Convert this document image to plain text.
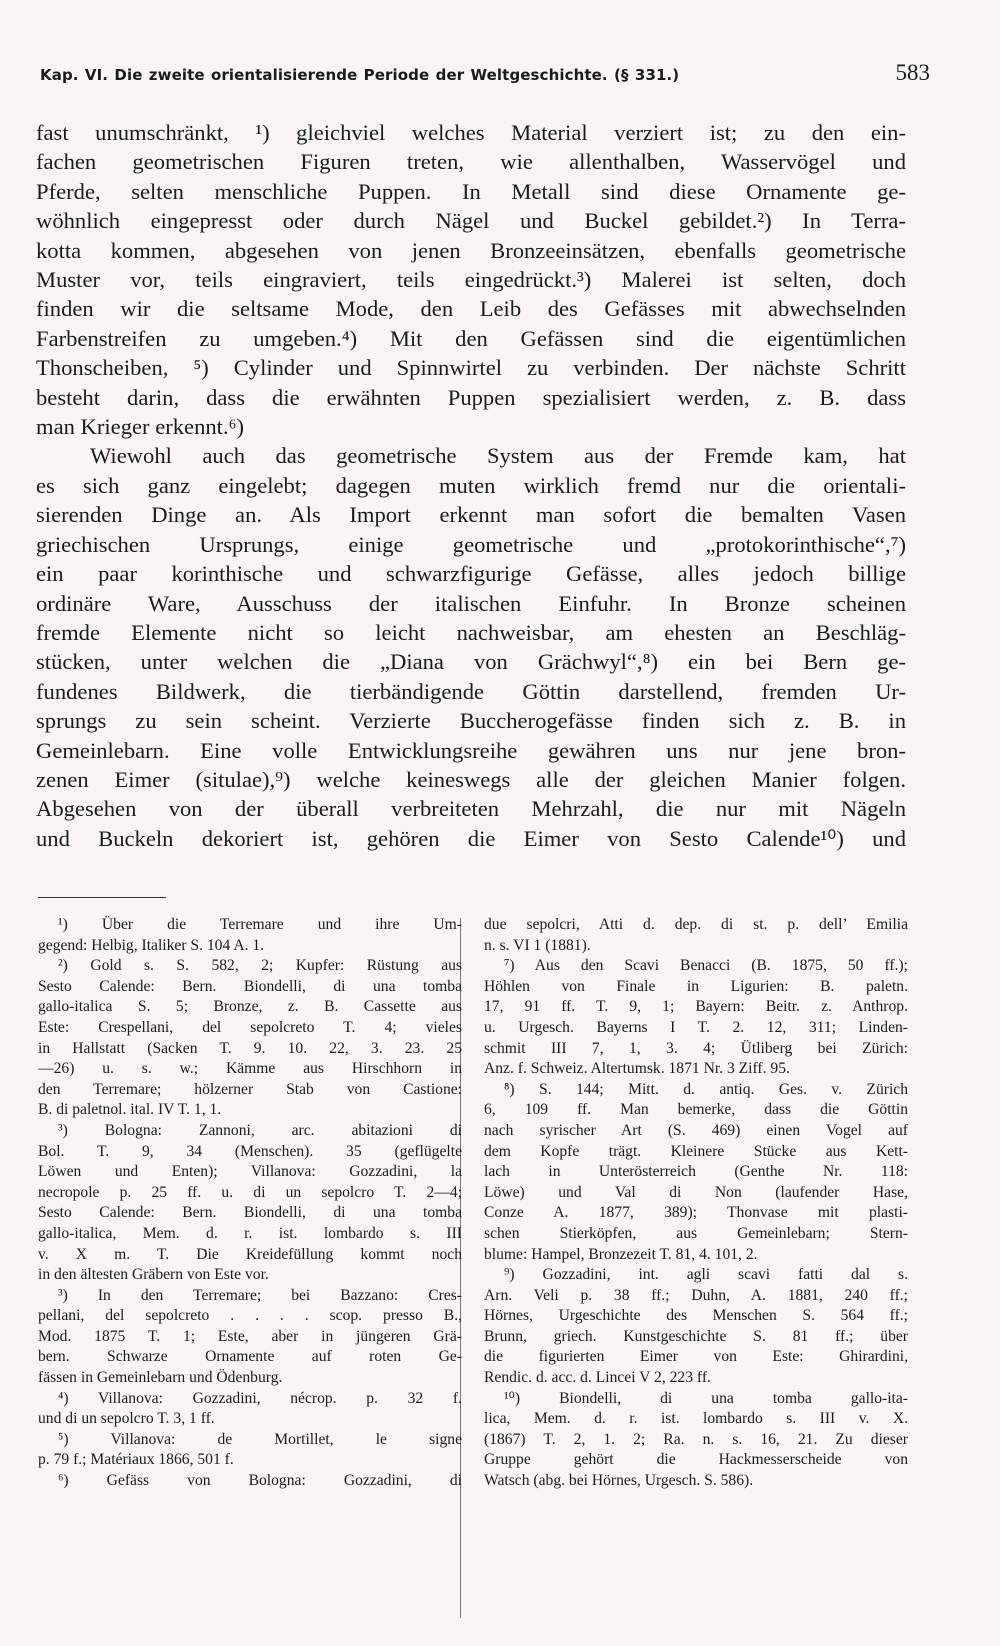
Kap. VI. Die zweite orientalisierende Periode der Weltgeschichte. (§ 331.)	583

fast unumschränkt, ¹) gleichviel welches Material verziert ist; zu den ein-
fachen geometrischen Figuren treten, wie allenthalben, Wasservögel und
Pferde, selten menschliche Puppen. In Metall sind diese Ornamente ge-
wöhnlich eingepresst oder durch Nägel und Buckel gebildet.²) In Terra-
kotta kommen, abgesehen von jenen Bronzeeinsätzen, ebenfalls geometrische
Muster vor, teils eingraviert, teils eingedrückt.³) Malerei ist selten, doch
finden wir die seltsame Mode, den Leib des Gefässes mit abwechselnden
Farbenstreifen zu umgeben.⁴) Mit den Gefässen sind die eigentümlichen
Thonscheiben, ⁵) Cylinder und Spinnwirtel zu verbinden. Der nächste Schritt
besteht darin, dass die erwähnten Puppen spezialisiert werden, z. B. dass
man Krieger erkennt.⁶)

Wiewohl auch das geometrische System aus der Fremde kam, hat
es sich ganz eingelebt; dagegen muten wirklich fremd nur die orientali-
sierenden Dinge an. Als Import erkennt man sofort die bemalten Vasen
griechischen Ursprungs, einige geometrische und „protokorinthische“,⁷)
ein paar korinthische und schwarzfigurige Gefässe, alles jedoch billige
ordinäre Ware, Ausschuss der italischen Einfuhr. In Bronze scheinen
fremde Elemente nicht so leicht nachweisbar, am ehesten an Beschläg-
stücken, unter welchen die „Diana von Grächwyl“,⁸) ein bei Bern ge-
fundenes Bildwerk, die tierbändigende Göttin darstellend, fremden Ur-
sprungs zu sein scheint. Verzierte Buccherogefässe finden sich z. B. in
Gemeinlebarn. Eine volle Entwicklungsreihe gewähren uns nur jene bron-
zenen Eimer (situlae),⁹) welche keineswegs alle der gleichen Manier folgen.
Abgesehen von der überall verbreiteten Mehrzahl, die nur mit Nägeln
und Buckeln dekoriert ist, gehören die Eimer von Sesto Calende¹⁰) und

¹) Über die Terremare und ihre Um-
gegend: Helbig, Italiker S. 104 A. 1.
²) Gold s. S. 582, 2; Kupfer: Rüstung aus
Sesto Calende: Bern. Biondelli, di una tomba
gallo-italica S. 5; Bronze, z. B. Cassette aus
Este: Crespellani, del sepolcreto T. 4; vieles
in Hallstatt (Sacken T. 9. 10. 22, 3. 23. 25
—26) u. s. w.; Kämme aus Hirschhorn in
den Terremare; hölzerner Stab von Castione:
B. di paletnol. ital. IV T. 1, 1.
³) Bologna: Zannoni, arc. abitazioni di
Bol. T. 9, 34 (Menschen). 35 (geflügelte
Löwen und Enten); Villanova: Gozzadini, la
necropole p. 25 ff. u. di un sepolcro T. 2—4;
Sesto Calende: Bern. Biondelli, di una tomba
gallo-italica, Mem. d. r. ist. lombardo s. III
v. X m. T. Die Kreidefüllung kommt noch
in den ältesten Gräbern von Este vor.
³) In den Terremare; bei Bazzano: Cres-
pellani, del sepolcreto . . . . scop. presso B.,
Mod. 1875 T. 1; Este, aber in jüngeren Grä-
bern. Schwarze Ornamente auf roten Ge-
fässen in Gemeinlebarn und Ödenburg.
⁴) Villanova: Gozzadini, nécrop. p. 32 f.
und di un sepolcro T. 3, 1 ff.
⁵) Villanova: de Mortillet, le signe
p. 79 f.; Matériaux 1866, 501 f.
⁶) Gefäss von Bologna: Gozzadini, di
due sepolcri, Atti d. dep. di st. p. dell’ Emilia
n. s. VI 1 (1881).
⁷) Aus den Scavi Benacci (B. 1875, 50 ff.);
Höhlen von Finale in Ligurien: B. paletn.
17, 91 ff. T. 9, 1; Bayern: Beitr. z. Anthrop.
u. Urgesch. Bayerns I T. 2. 12, 311; Linden-
schmit III 7, 1, 3. 4; Ütliberg bei Zürich:
Anz. f. Schweiz. Altertumsk. 1871 Nr. 3 Ziff. 95.
⁸) S. 144; Mitt. d. antiq. Ges. v. Zürich
6, 109 ff. Man bemerke, dass die Göttin
nach syrischer Art (S. 469) einen Vogel auf
dem Kopfe trägt. Kleinere Stücke aus Kett-
lach in Unterösterreich (Genthe Nr. 118:
Löwe) und Val di Non (laufender Hase,
Conze A. 1877, 389); Thonvase mit plasti-
schen Stierköpfen, aus Gemeinlebarn; Stern-
blume: Hampel, Bronzezeit T. 81, 4. 101, 2.
⁹) Gozzadini, int. agli scavi fatti dal s.
Arn. Veli p. 38 ff.; Duhn, A. 1881, 240 ff.;
Hörnes, Urgeschichte des Menschen S. 564 ff.;
Brunn, griech. Kunstgeschichte S. 81 ff.; über
die figurierten Eimer von Este: Ghirardini,
Rendic. d. acc. d. Lincei V 2, 223 ff.
¹⁰) Biondelli, di una tomba gallo-ita-
lica, Mem. d. r. ist. lombardo s. III v. X.
(1867) T. 2, 1. 2; Ra. n. s. 16, 21. Zu dieser
Gruppe gehört die Hackmesserscheide von
Watsch (abg. bei Hörnes, Urgesch. S. 586).
